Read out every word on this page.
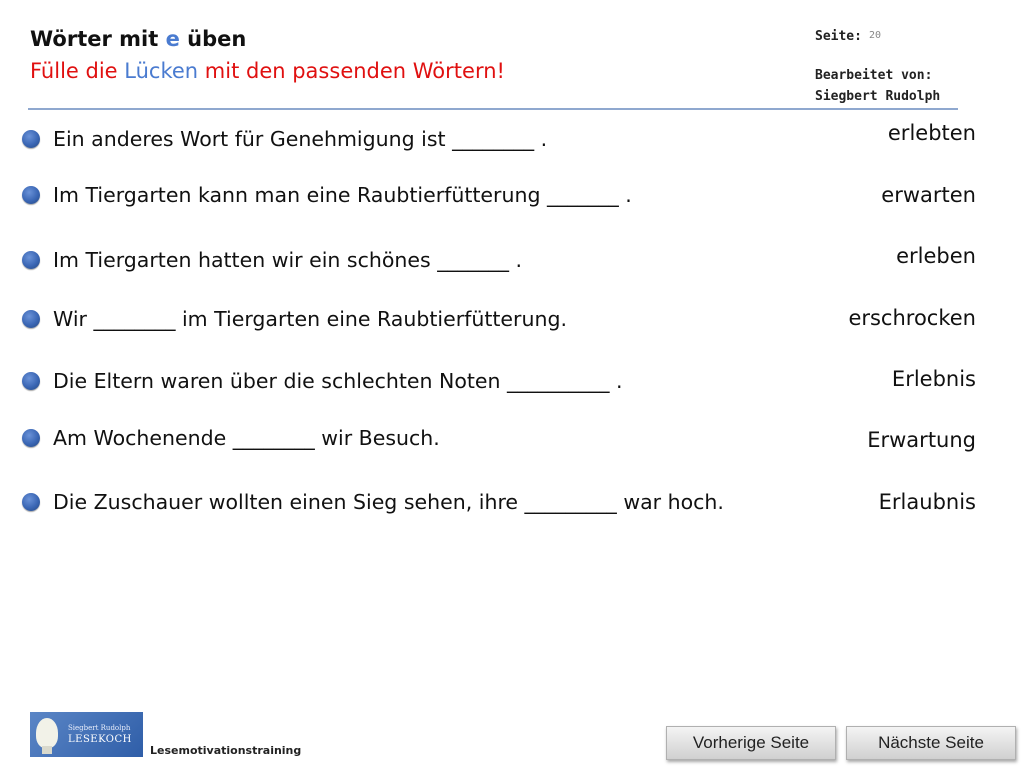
Wörter mit e üben
Fülle die Lücken mit den passenden Wörtern!
Seite: 20
Bearbeitet von:
Siegbert Rudolph
Ein anderes Wort für Genehmigung ist ________ .
Im Tiergarten kann man eine Raubtierfütterung _______ .
Im Tiergarten hatten wir ein schönes _______ .
Wir ________ im Tiergarten eine Raubtierfütterung.
Die Eltern waren über die schlechten Noten __________ .
Am Wochenende ________ wir Besuch.
Die Zuschauer wollten einen Sieg sehen, ihre _________ war hoch.
erlebten
erwarten
erleben
erschrocken
Erlebnis
Erwartung
Erlaubnis
Siegbert Rudolph
LESEKOCH
Lesemotivationstraining	Vorherige Seite	Nächste Seite
